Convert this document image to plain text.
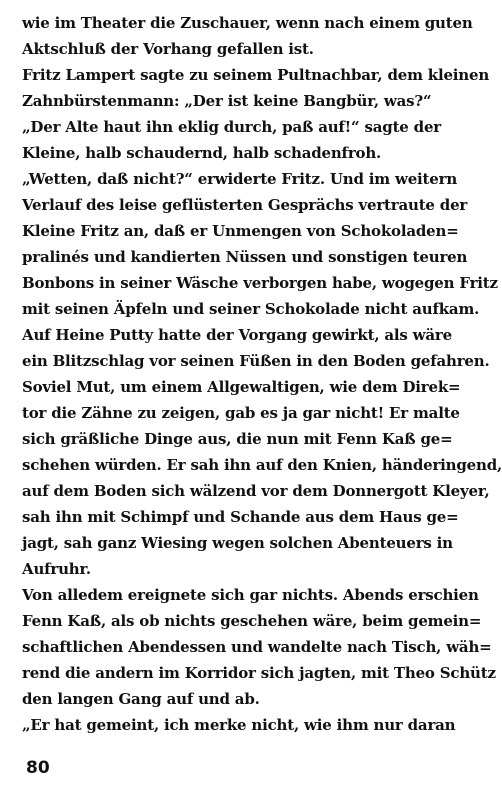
wie im Theater die Zuschauer, wenn nach einem guten
Aktschluß der Vorhang gefallen ist.
Fritz Lampert sagte zu seinem Pultnachbar, dem kleinen
Zahnbürstenmann: „Der ist keine Bangbür, was?“
„Der Alte haut ihn eklig durch, paß auf!“ sagte der
Kleine, halb schaudernd, halb schadenfroh.
„Wetten, daß nicht?“ erwiderte Fritz. Und im weitern
Verlauf des leise geflüsterten Gesprächs vertraute der
Kleine Fritz an, daß er Unmengen von Schokoladen=
pralinés und kandierten Nüssen und sonstigen teuren
Bonbons in seiner Wäsche verborgen habe, wogegen Fritz
mit seinen Äpfeln und seiner Schokolade nicht aufkam.
Auf Heine Putty hatte der Vorgang gewirkt, als wäre
ein Blitzschlag vor seinen Füßen in den Boden gefahren.
Soviel Mut, um einem Allgewaltigen, wie dem Direk=
tor die Zähne zu zeigen, gab es ja gar nicht! Er malte
sich gräßliche Dinge aus, die nun mit Fenn Kaß ge=
schehen würden. Er sah ihn auf den Knien, händeringend,
auf dem Boden sich wälzend vor dem Donnergott Kleyer,
sah ihn mit Schimpf und Schande aus dem Haus ge=
jagt, sah ganz Wiesing wegen solchen Abenteuers in
Aufruhr.
Von alledem ereignete sich gar nichts. Abends erschien
Fenn Kaß, als ob nichts geschehen wäre, beim gemein=
schaftlichen Abendessen und wandelte nach Tisch, wäh=
rend die andern im Korridor sich jagten, mit Theo Schütz
den langen Gang auf und ab.
„Er hat gemeint, ich merke nicht, wie ihm nur daran
80
